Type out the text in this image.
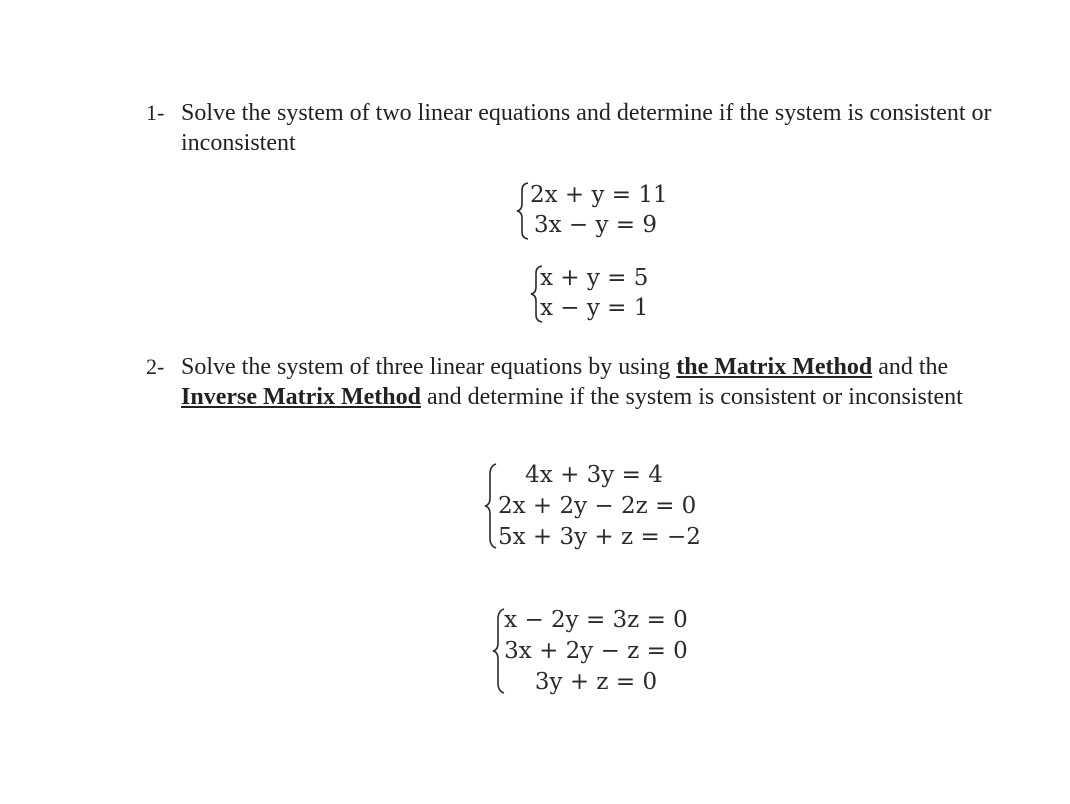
1- Solve the system of two linear equations and determine if the system is consistent or inconsistent
2x + y = 11
3x − y = 9
x + y = 5
x − y = 1
2- Solve the system of three linear equations by using the Matrix Method and the Inverse Matrix Method and determine if the system is consistent or inconsistent
4x + 3y = 4
2x + 2y − 2z = 0
5x + 3y + z = −2
x − 2y = 3z = 0
3x + 2y − z = 0
3y + z = 0
